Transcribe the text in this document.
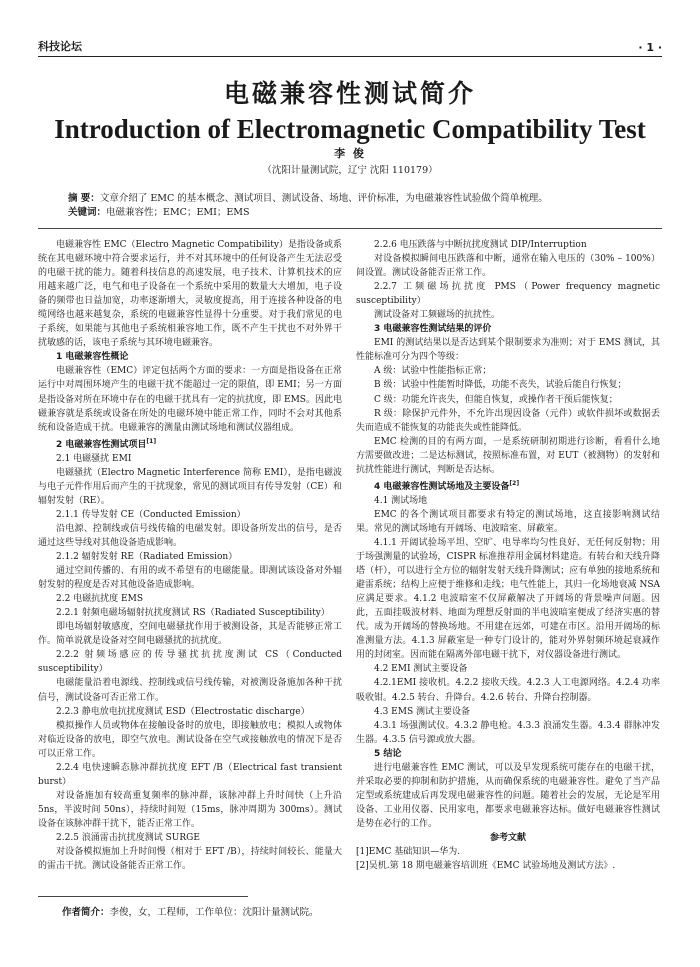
科技论坛	· 1 ·
电磁兼容性测试简介
Introduction of Electromagnetic Compatibility Test
李 俊
（沈阳计量测试院，辽宁 沈阳 110179）
摘 要：文章介绍了 EMC 的基本概念、测试项目、测试设备、场地、评价标准，为电磁兼容性试验做个简单梳理。
关键词：电磁兼容性；EMC；EMI；EMS

电磁兼容性 EMC（Electro Magnetic Compatibility）是指设备或系统在其电磁环境中符合要求运行，并不对其环境中的任何设备产生无法忍受的电磁干扰的能力。随着科技信息的高速发展，电子技术、计算机技术的应用越来越广泛，电气和电子设备在一个系统中采用的数量大大增加，电子设备的频带也日益加宽，功率逐渐增大，灵敏度提高，用于连接各种设备的电缆网络也越来越复杂，系统的电磁兼容性显得十分重要。对于我们常见的电子系统，如果能与其他电子系统相兼容地工作，既不产生干扰也不对外界干扰敏感的话，该电子系统与其环境电磁兼容。

1 电磁兼容性概论

电磁兼容性（EMC）评定包括两个方面的要求：一方面是指设备在正常运行中对周围环境产生的电磁干扰不能超过一定的限值，即 EMI；另一方面是指设备对所在环境中存在的电磁干扰具有一定的抗扰度，即 EMS。因此电磁兼容就是系统或设备在所处的电磁环境中能正常工作，同时不会对其他系统和设备造成干扰。电磁兼容的测量由测试场地和测试仪器组成。

2 电磁兼容性测试项目[1]

2.1 电磁骚扰 EMI

电磁骚扰（Electro Magnetic Interference 简称 EMI），是指电磁波与电子元件作用后而产生的干扰现象，常见的测试项目有传导发射（CE）和辐射发射（RE）。

2.1.1 传导发射 CE（Conducted Emission）

沿电源、控制线或信号线传输的电磁发射。即设备所发出的信号，是否通过这些导线对其他设备造成影响。

2.1.2 辐射发射 RE（Radiated Emission）

通过空间传播的、有用的或不希望有的电磁能量。即测试该设备对外辐射发射的程度是否对其他设备造成影响。

2.2 电磁抗扰度 EMS

2.2.1 射频电磁场辐射抗扰度测试 RS（Radiated Susceptibility）

即电场辐射敏感度，空间电磁骚扰作用于被测设备，其是否能够正常工作。简单说就是设备对空间电磁骚扰的抗扰度。

2.2.2 射频场感应的传导骚扰抗扰度测试 CS（Conducted susceptibility）

电磁能量沿着电源线、控制线或信号线传输，对被测设备施加各种干扰信号，测试设备可否正常工作。

2.2.3 静电放电抗扰度测试 ESD（Electrostatic discharge）

模拟操作人员或物体在接触设备时的放电，即接触放电；模拟人或物体对临近设备的放电，即空气放电。测试设备在空气或接触放电的情况下是否可以正常工作。

2.2.4 电快速瞬态脉冲群抗扰度 EFT /B（Electrical fast transient burst）

对设备施加有较高重复频率的脉冲群，该脉冲群上升时间快（上升沿 5ns，半波时间 50ns），持续时间短（15ms，脉冲周期为 300ms）。测试设备在该脉冲群干扰下，能否正常工作。

2.2.5 浪涌雷击抗扰度测试 SURGE

对设备模拟施加上升时间慢（相对于 EFT /B），持续时间较长、能量大的雷击干扰。测试设备能否正常工作。

2.2.6 电压跌落与中断抗扰度测试 DIP/Interruption

对设备模拟瞬间电压跌落和中断，通常在输入电压的（30% – 100%）间设置。测试设备能否正常工作。

2.2.7 工频磁场抗扰度 PMS（Power frequency magnetic susceptibility）

测试设备对工频磁场的抗扰性。

3 电磁兼容性测试结果的评价

EMI 的测试结果以是否达到某个限制要求为准则；对于 EMS 测试，其性能标准可分为四个等级：

A 级：试验中性能指标正常；

B 级：试验中性能暂时降低，功能不丧失，试验后能自行恢复；

C 级：功能允许丧失，但能自恢复，或操作者干预后能恢复；

R 级：除保护元件外，不允许出现因设备（元件）或软件损坏或数据丢失而造成不能恢复的功能丧失或性能降低。

EMC 检测的目的有两方面，一是系统研制初期进行诊断，看看什么地方需要做改进；二是达标测试，按照标准布置，对 EUT（被测物）的发射和抗扰性能进行测试，判断是否达标。

4 电磁兼容性测试场地及主要设备[2]

4.1 测试场地

EMC 的各个测试项目都要求有特定的测试场地，这直接影响测试结果。常见的测试场地有开阔场、电波暗室、屏蔽室。

4.1.1 开阔试验场平坦、空旷、电导率均匀性良好、无任何反射物；用于场强测量的试验场，CISPR 标准推荐用金属材料建造。有转台和天线升降塔（杆），可以进行全方位的辐射发射天线升降测试；应有单独的接地系统和避雷系统；结构上应便于维修和走线；电气性能上，其归一化场地衰减 NSA 应满足要求。4.1.2 电波暗室不仅屏蔽解决了开阔场的背景噪声问题。因此，五面挂吸波材料、地面为理想反射面的半电波暗室便成了经济实惠的替代。成为开阔场的替换场地。不用建在远郊，可建在市区。沿用开阔场的标准测量方法。4.1.3 屏蔽室是一种专门设计的，能对外界射频环境起衰减作用的封闭室。因而能在隔离外部电磁干扰下，对仪器设备进行测试。

4.2 EMI 测试主要设备

4.2.1EMI 接收机。4.2.2 接收天线。4.2.3 人工电源网络。4.2.4 功率吸收钳。4.2.5 转台、升降台。4.2.6 转台、升降台控制器。

4.3 EMS 测试主要设备

4.3.1 场强测试仪。4.3.2 静电枪。4.3.3 浪涌发生器。4.3.4 群脉冲发生器。4.3.5 信号源或放大器。

5 结论

进行电磁兼容性 EMC 测试，可以及早发现系统可能存在的电磁干扰，并采取必要的抑制和防护措施，从而确保系统的电磁兼容性。避免了当产品定型或系统建成后再发现电磁兼容性的问题。随着社会的发展，无论是军用设备、工业用仪器、民用家电，都要求电磁兼容达标。做好电磁兼容性测试是势在必行的工作。

参考文献

[1]EMC 基础知识—华为.

[2]吴机.第 18 期电磁兼容培训班《EMC 试验场地及测试方法》.

作者简介：李俊，女，工程师，工作单位：沈阳计量测试院。
